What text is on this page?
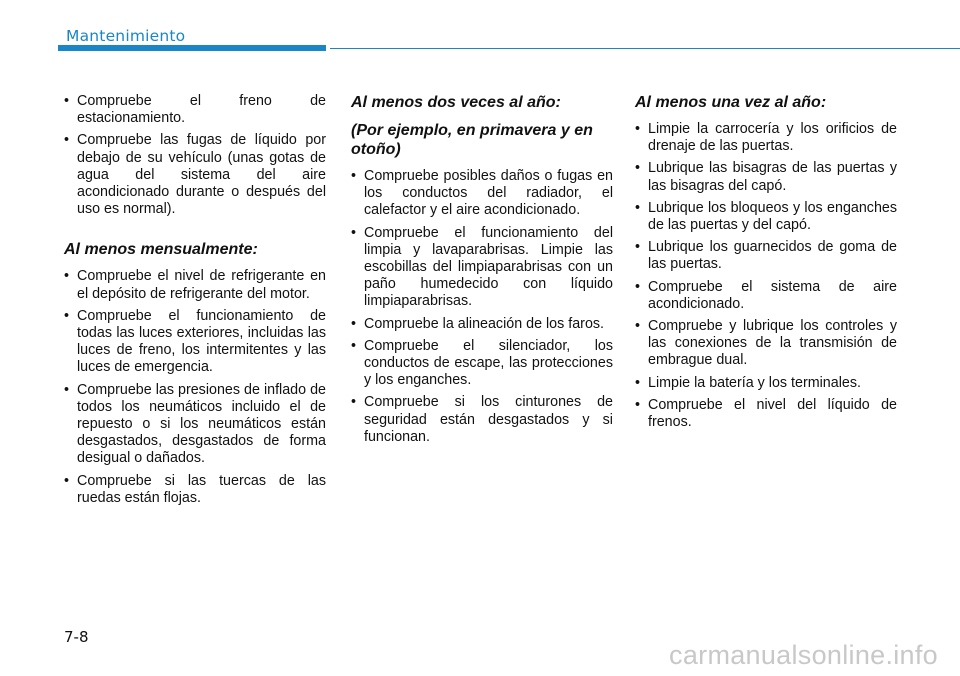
Mantenimiento
• Compruebe el freno de estacionamiento.
• Compruebe las fugas de líquido por debajo de su vehículo (unas gotas de agua del sistema del aire acondicionado durante o después del uso es normal).
Al menos mensualmente:
• Compruebe el nivel de refrigerante en el depósito de refrigerante del motor.
• Compruebe el funcionamiento de todas las luces exteriores, incluidas las luces de freno, los intermitentes y las luces de emergencia.
• Compruebe las presiones de inflado de todos los neumáticos incluido el de repuesto o si los neumáticos están desgastados, desgastados de forma desigual o dañados.
• Compruebe si las tuercas de las ruedas están flojas.
Al menos dos veces al año:
(Por ejemplo, en primavera y en otoño)
• Compruebe posibles daños o fugas en los conductos del radiador, el calefactor y el aire acondicionado.
• Compruebe el funcionamiento del limpia y lavaparabrisas. Limpie las escobillas del limpiaparabrisas con un paño humedecido con líquido limpiaparabrisas.
• Compruebe la alineación de los faros.
• Compruebe el silenciador, los conductos de escape, las protecciones y los enganches.
• Compruebe si los cinturones de seguridad están desgastados y si funcionan.
Al menos una vez al año:
• Limpie la carrocería y los orificios de drenaje de las puertas.
• Lubrique las bisagras de las puertas y las bisagras del capó.
• Lubrique los bloqueos y los enganches de las puertas y del capó.
• Lubrique los guarnecidos de goma de las puertas.
• Compruebe el sistema de aire acondicionado.
• Compruebe y lubrique los controles y las conexiones de la transmisión de embrague dual.
• Limpie la batería y los terminales.
• Compruebe el nivel del líquido de frenos.
7-8
carmanualsonline.info
